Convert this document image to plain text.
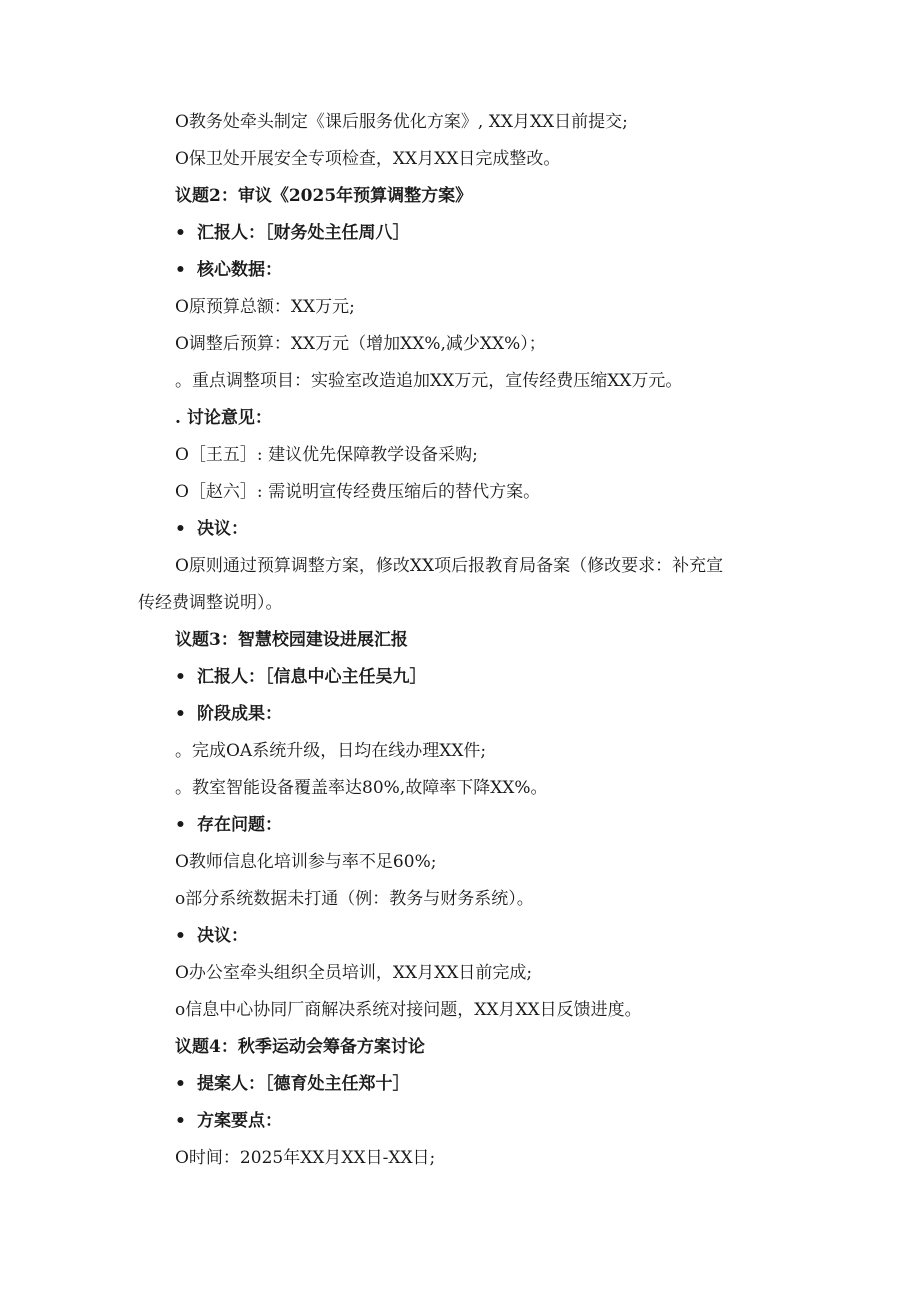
O教务处牵头制定《课后服务优化方案》, XX月XX日前提交;
O保卫处开展安全专项检查，XX月XX日完成整改。
议题2：审议《2025年预算调整方案》
• 汇报人：［财务处主任周八］
• 核心数据：
O原预算总额：XX万元;
O调整后预算：XX万元（增加XX%,减少XX%）；
。重点调整项目：实验室改造追加XX万元，宣传经费压缩XX万元。
. 讨论意见：
O［王五］: 建议优先保障教学设备采购;
O［赵六］: 需说明宣传经费压缩后的替代方案。
• 决议：
O原则通过预算调整方案，修改XX项后报教育局备案（修改要求：补充宣
传经费调整说明）。
议题3：智慧校园建设进展汇报
• 汇报人：［信息中心主任吴九］
• 阶段成果：
。完成OA系统升级，日均在线办理XX件;
。教室智能设备覆盖率达80%,故障率下降XX%。
• 存在问题：
O教师信息化培训参与率不足60%;
o部分系统数据未打通（例：教务与财务系统）。
• 决议：
O办公室牵头组织全员培训，XX月XX日前完成;
o信息中心协同厂商解决系统对接问题，XX月XX日反馈进度。
议题4：秋季运动会筹备方案讨论
• 提案人：［德育处主任郑十］
• 方案要点：
O时间：2025年XX月XX日-XX日;
